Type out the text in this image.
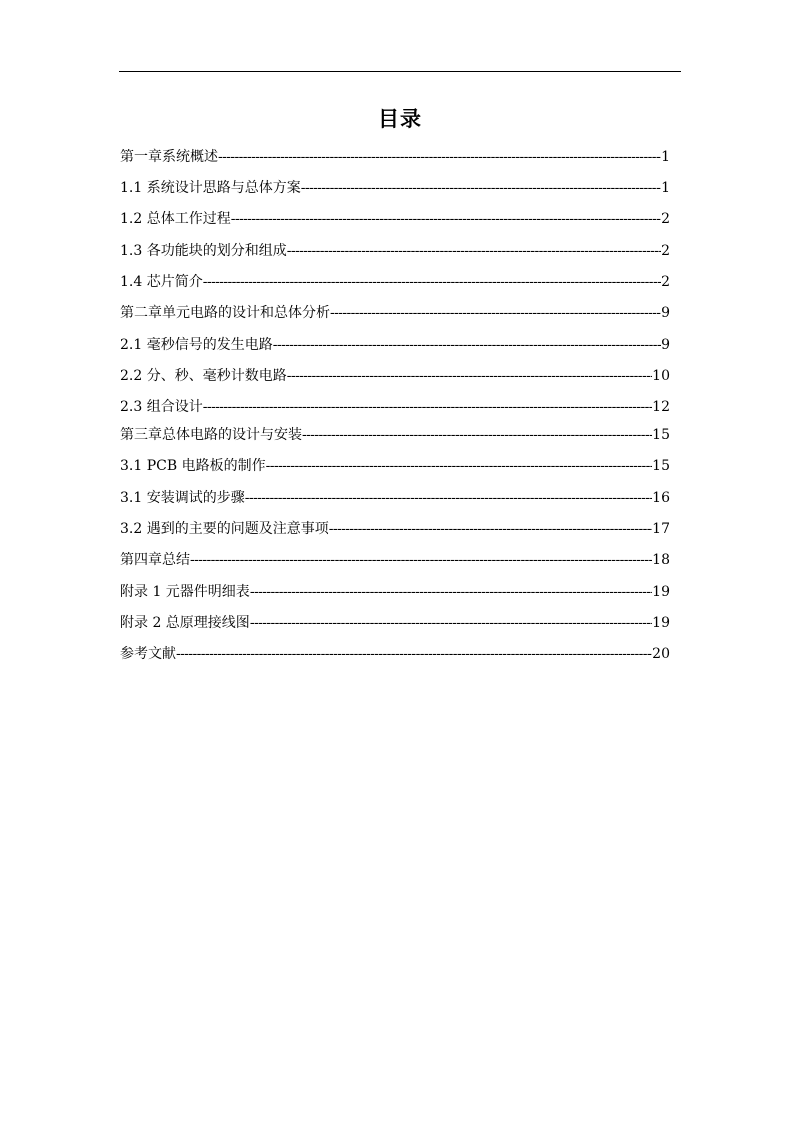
目录
第一章系统概述 -----	1
1.1 系统设计思路与总体方案 -----	1
1.2 总体工作过程 -----	2
1.3 各功能块的划分和组成 -----	2
1.4 芯片简介 -----	2
第二章单元电路的设计和总体分析 -----	9
2.1 毫秒信号的发生电路 -----	9
2.2 分、秒、毫秒计数电路 -----	10
2.3 组合设计 -----	12
第三章总体电路的设计与安装 -----	15
3.1 PCB 电路板的制作 -----	15
3.1 安装调试的步骤 -----	16
3.2 遇到的主要的问题及注意事项 -----	17
第四章总结 -----	18
附录 1 元器件明细表 -----	19
附录 2 总原理接线图 -----	19
参考文献 -----	20
